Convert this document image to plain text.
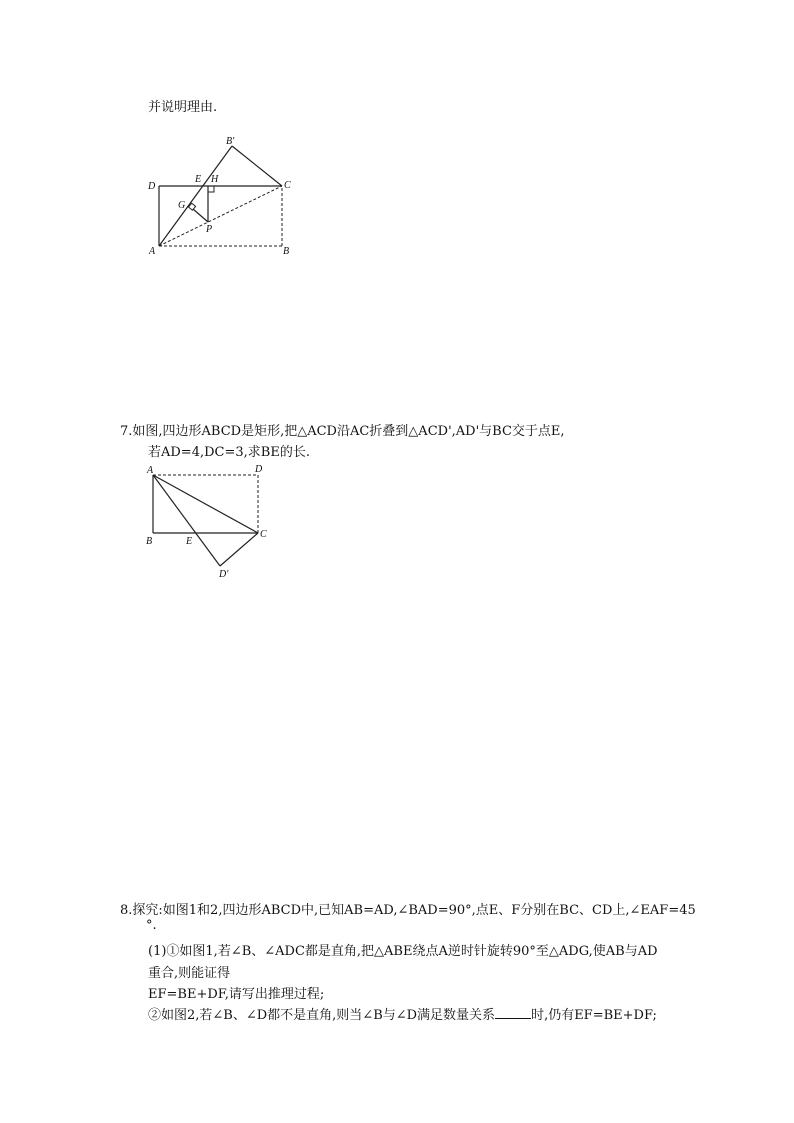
并说明理由.
B'
D
E H
C
G
P
A	B
7.如图,四边形ABCD是矩形,把△ACD沿AC折叠到△ACD',AD'与BC交于点E,
若AD=4,DC=3,求BE的长.
A	D
B	E
C
D'
8.探究:如图1和2,四边形ABCD中,已知AB=AD,∠BAD=90°,点E、F分别在BC、CD上,∠EAF=45
°.
(1)①如图1,若∠B、∠ADC都是直角,把△ABE绕点A逆时针旋转90°至△ADG,使AB与AD
重合,则能证得
EF=BE+DF,请写出推理过程;
②如图2,若∠B、∠D都不是直角,则当∠B与∠D满足数量关系	时,仍有EF=BE+DF;
